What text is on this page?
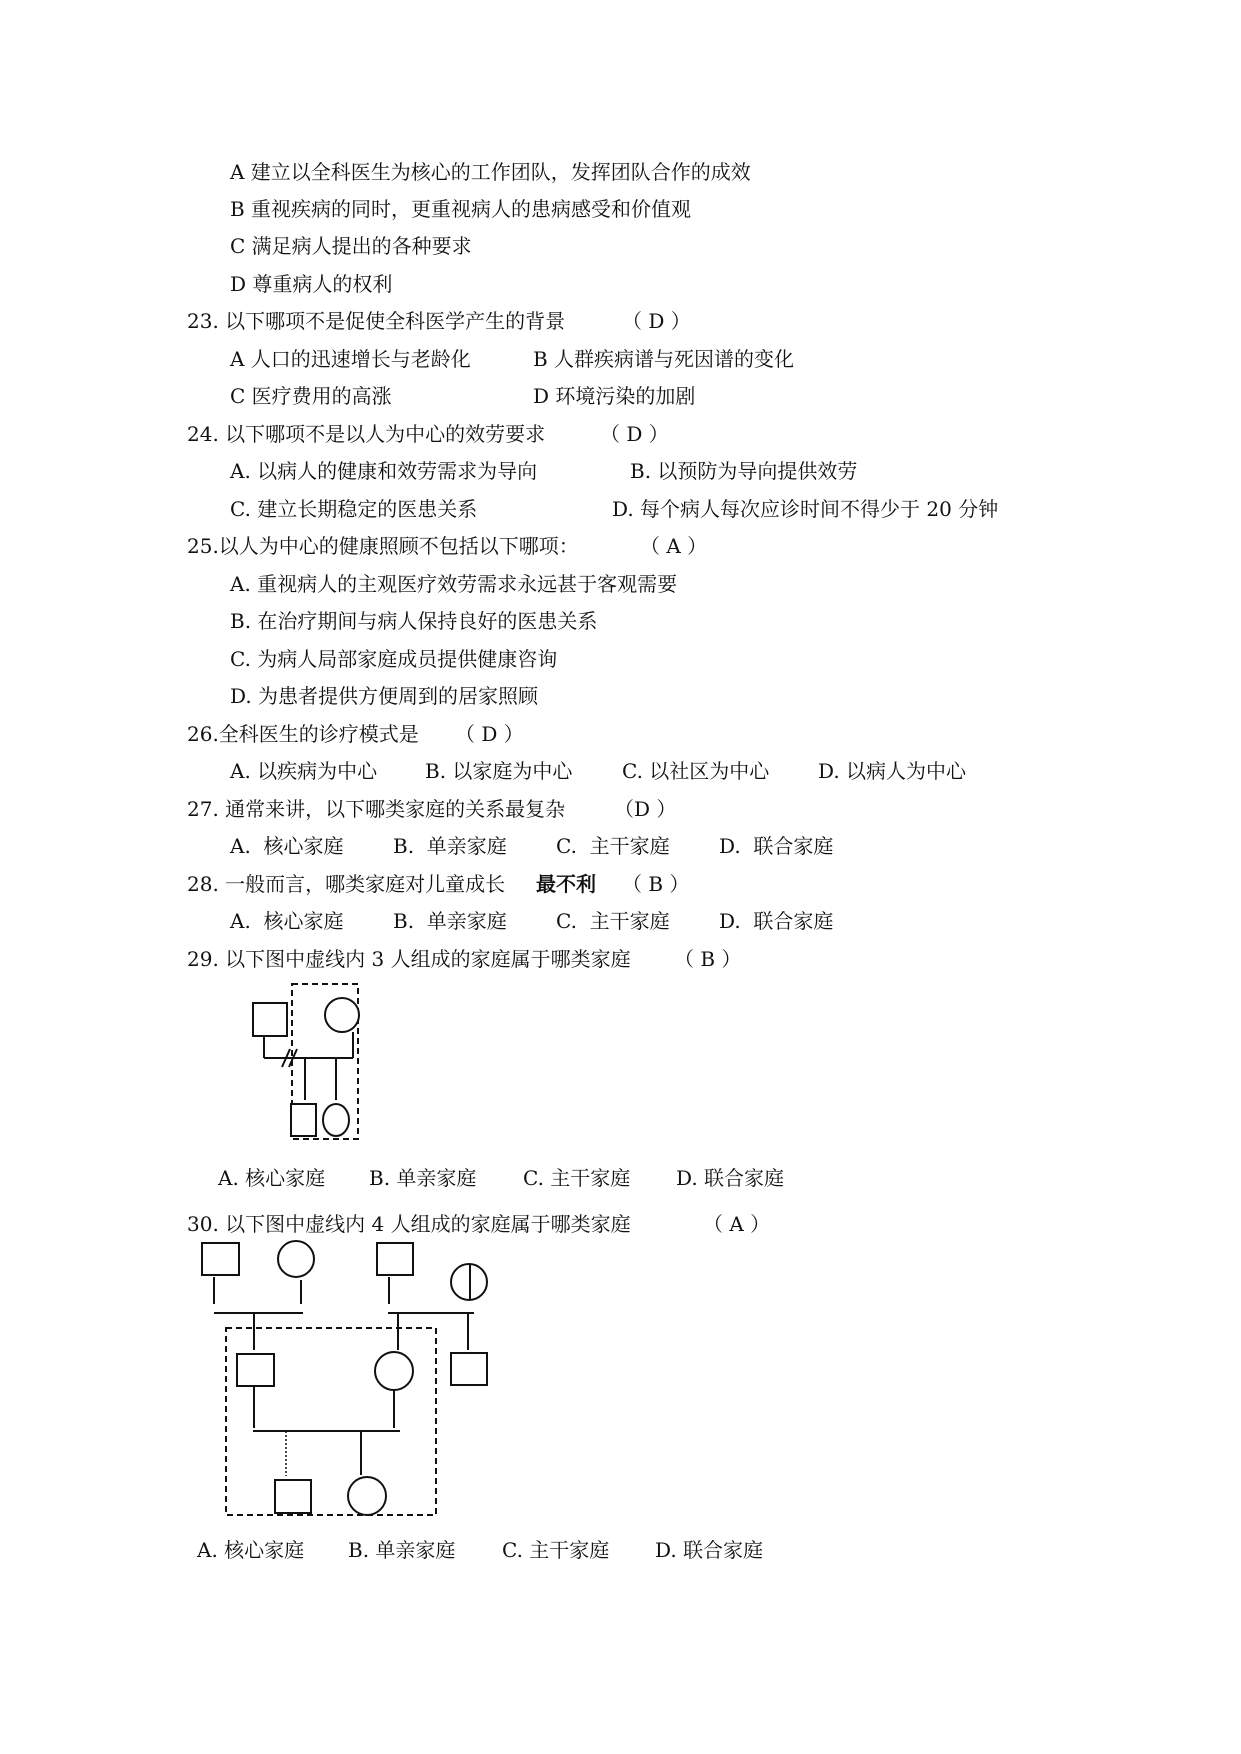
A 建立以全科医生为核心的工作团队，发挥团队合作的成效
B 重视疾病的同时，更重视病人的患病感受和价值观
C 满足病人提出的各种要求
D 尊重病人的权利
23. 以下哪项不是促使全科医学产生的背景	（ D ）
A 人口的迅速增长与老龄化	B 人群疾病谱与死因谱的变化
C 医疗费用的高涨	D 环境污染的加剧
24. 以下哪项不是以人为中心的效劳要求	（ D ）
A. 以病人的健康和效劳需求为导向	B. 以预防为导向提供效劳
C. 建立长期稳定的医患关系	D. 每个病人每次应诊时间不得少于 20 分钟
25.以人为中心的健康照顾不包括以下哪项：	（ A ）
A. 重视病人的主观医疗效劳需求永远甚于客观需要
B. 在治疗期间与病人保持良好的医患关系
C. 为病人局部家庭成员提供健康咨询
D. 为患者提供方便周到的居家照顾
26.全科医生的诊疗模式是 （ D ）
A. 以疾病为中心 B. 以家庭为中心 C. 以社区为中心 D. 以病人为中心
27. 通常来讲，以下哪类家庭的关系最复杂 （D ）
A.  核心家庭 B.  单亲家庭 C.  主干家庭 D.  联合家庭
28. 一般而言，哪类家庭对儿童成长 最不利 （ B ）
A.  核心家庭 B.  单亲家庭 C.  主干家庭 D.  联合家庭
29. 以下图中虚线内 3 人组成的家庭属于哪类家庭 （ B ）
A. 核心家庭 B. 单亲家庭 C. 主干家庭 D. 联合家庭
30. 以下图中虚线内 4 人组成的家庭属于哪类家庭	（ A ）
A. 核心家庭 B. 单亲家庭 C. 主干家庭 D. 联合家庭
